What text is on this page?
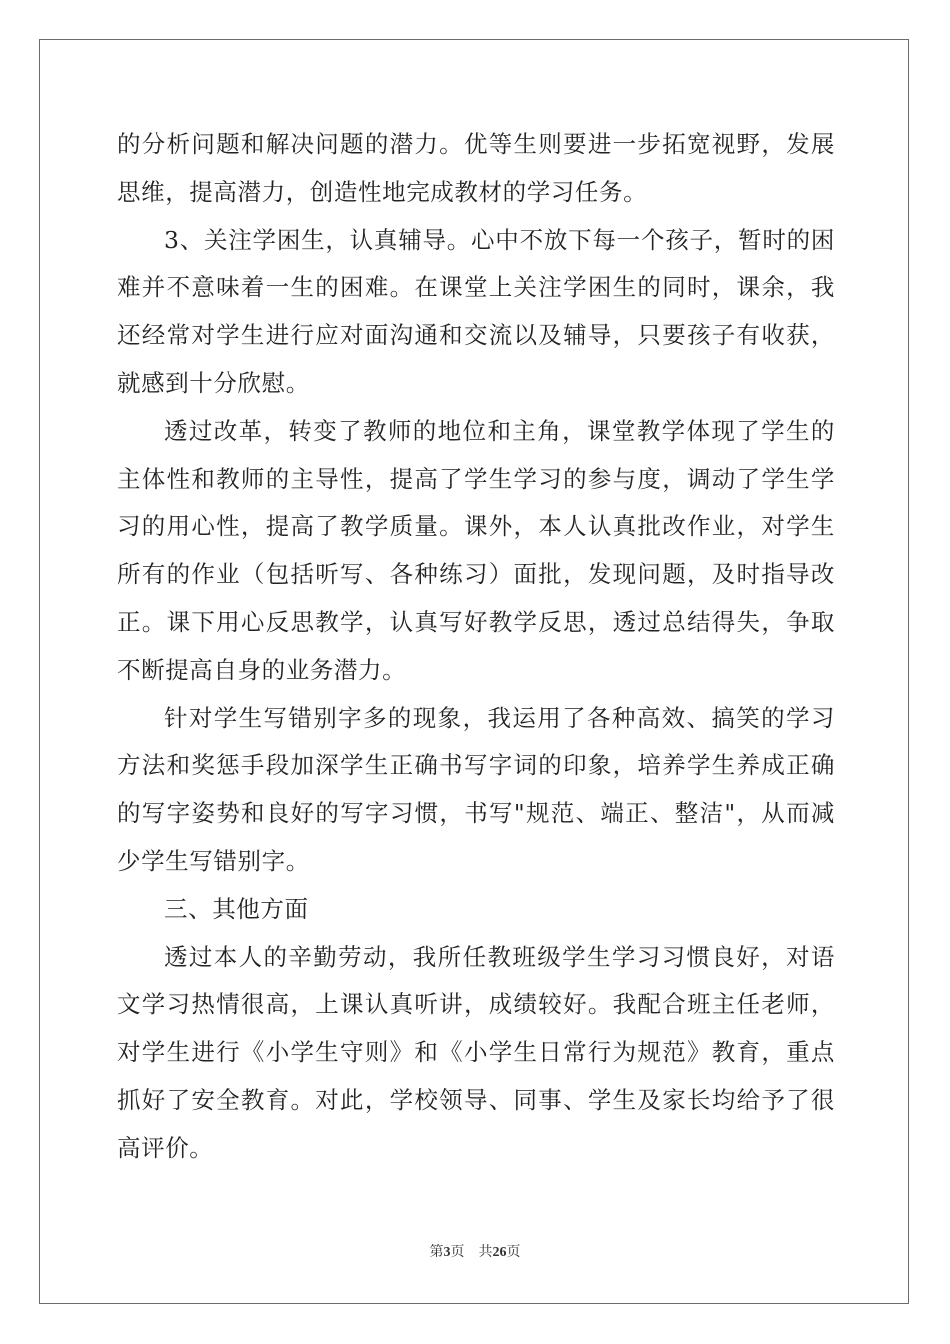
的分析问题和解决问题的潜力。优等生则要进一步拓宽视野，发展思维，提高潜力，创造性地完成教材的学习任务。

3、关注学困生，认真辅导。心中不放下每一个孩子，暂时的困难并不意味着一生的困难。在课堂上关注学困生的同时，课余，我还经常对学生进行应对面沟通和交流以及辅导，只要孩子有收获，就感到十分欣慰。

透过改革，转变了教师的地位和主角，课堂教学体现了学生的主体性和教师的主导性，提高了学生学习的参与度，调动了学生学习的用心性，提高了教学质量。课外，本人认真批改作业，对学生所有的作业（包括听写、各种练习）面批，发现问题，及时指导改正。课下用心反思教学，认真写好教学反思，透过总结得失，争取不断提高自身的业务潜力。

针对学生写错别字多的现象，我运用了各种高效、搞笑的学习方法和奖惩手段加深学生正确书写字词的印象，培养学生养成正确的写字姿势和良好的写字习惯，书写"规范、端正、整洁"，从而减少学生写错别字。

三、其他方面

透过本人的辛勤劳动，我所任教班级学生学习习惯良好，对语文学习热情很高，上课认真听讲，成绩较好。我配合班主任老师，对学生进行《小学生守则》和《小学生日常行为规范》教育，重点抓好了安全教育。对此，学校领导、同事、学生及家长均给予了很高评价。

第3页 共26页
